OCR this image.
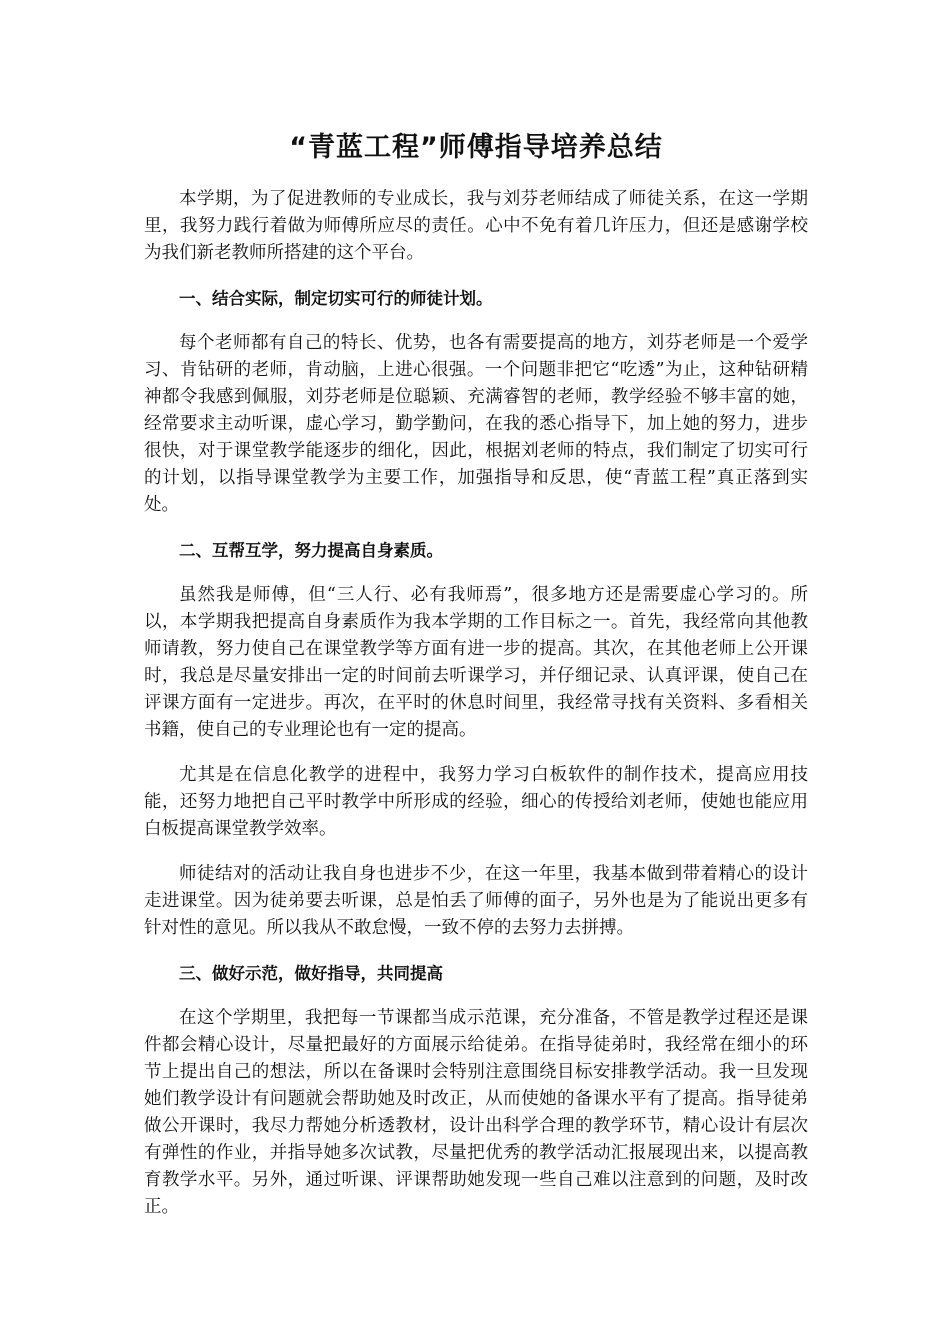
“青蓝工程”师傅指导培养总结

本学期，为了促进教师的专业成长，我与刘芬老师结成了师徒关系，在这一学期里，我努力践行着做为师傅所应尽的责任。心中不免有着几许压力，但还是感谢学校为我们新老教师所搭建的这个平台。

一、结合实际，制定切实可行的师徒计划。

每个老师都有自己的特长、优势，也各有需要提高的地方，刘芬老师是一个爱学习、肯钻研的老师，肯动脑，上进心很强。一个问题非把它“吃透”为止，这种钻研精神都令我感到佩服，刘芬老师是位聪颖、充满睿智的老师，教学经验不够丰富的她，经常要求主动听课，虚心学习，勤学勤问，在我的悉心指导下，加上她的努力，进步很快，对于课堂教学能逐步的细化，因此，根据刘老师的特点，我们制定了切实可行的计划，以指导课堂教学为主要工作，加强指导和反思，使“青蓝工程”真正落到实处。

二、互帮互学，努力提高自身素质。

虽然我是师傅，但“三人行、必有我师焉”，很多地方还是需要虚心学习的。所以，本学期我把提高自身素质作为我本学期的工作目标之一。首先，我经常向其他教师请教，努力使自己在课堂教学等方面有进一步的提高。其次，在其他老师上公开课时，我总是尽量安排出一定的时间前去听课学习，并仔细记录、认真评课，使自己在评课方面有一定进步。再次，在平时的休息时间里，我经常寻找有关资料、多看相关书籍，使自己的专业理论也有一定的提高。

尤其是在信息化教学的进程中，我努力学习白板软件的制作技术，提高应用技能，还努力地把自己平时教学中所形成的经验，细心的传授给刘老师，使她也能应用白板提高课堂教学效率。

师徒结对的活动让我自身也进步不少，在这一年里，我基本做到带着精心的设计走进课堂。因为徒弟要去听课，总是怕丢了师傅的面子，另外也是为了能说出更多有针对性的意见。所以我从不敢怠慢，一致不停的去努力去拼搏。

三、做好示范，做好指导，共同提高

在这个学期里，我把每一节课都当成示范课，充分准备，不管是教学过程还是课件都会精心设计，尽量把最好的方面展示给徒弟。在指导徒弟时，我经常在细小的环节上提出自己的想法，所以在备课时会特别注意围绕目标安排教学活动。我一旦发现她们教学设计有问题就会帮助她及时改正，从而使她的备课水平有了提高。指导徒弟做公开课时，我尽力帮她分析透教材，设计出科学合理的教学环节，精心设计有层次有弹性的作业，并指导她多次试教，尽量把优秀的教学活动汇报展现出来，以提高教育教学水平。另外，通过听课、评课帮助她发现一些自己难以注意到的问题，及时改正。
